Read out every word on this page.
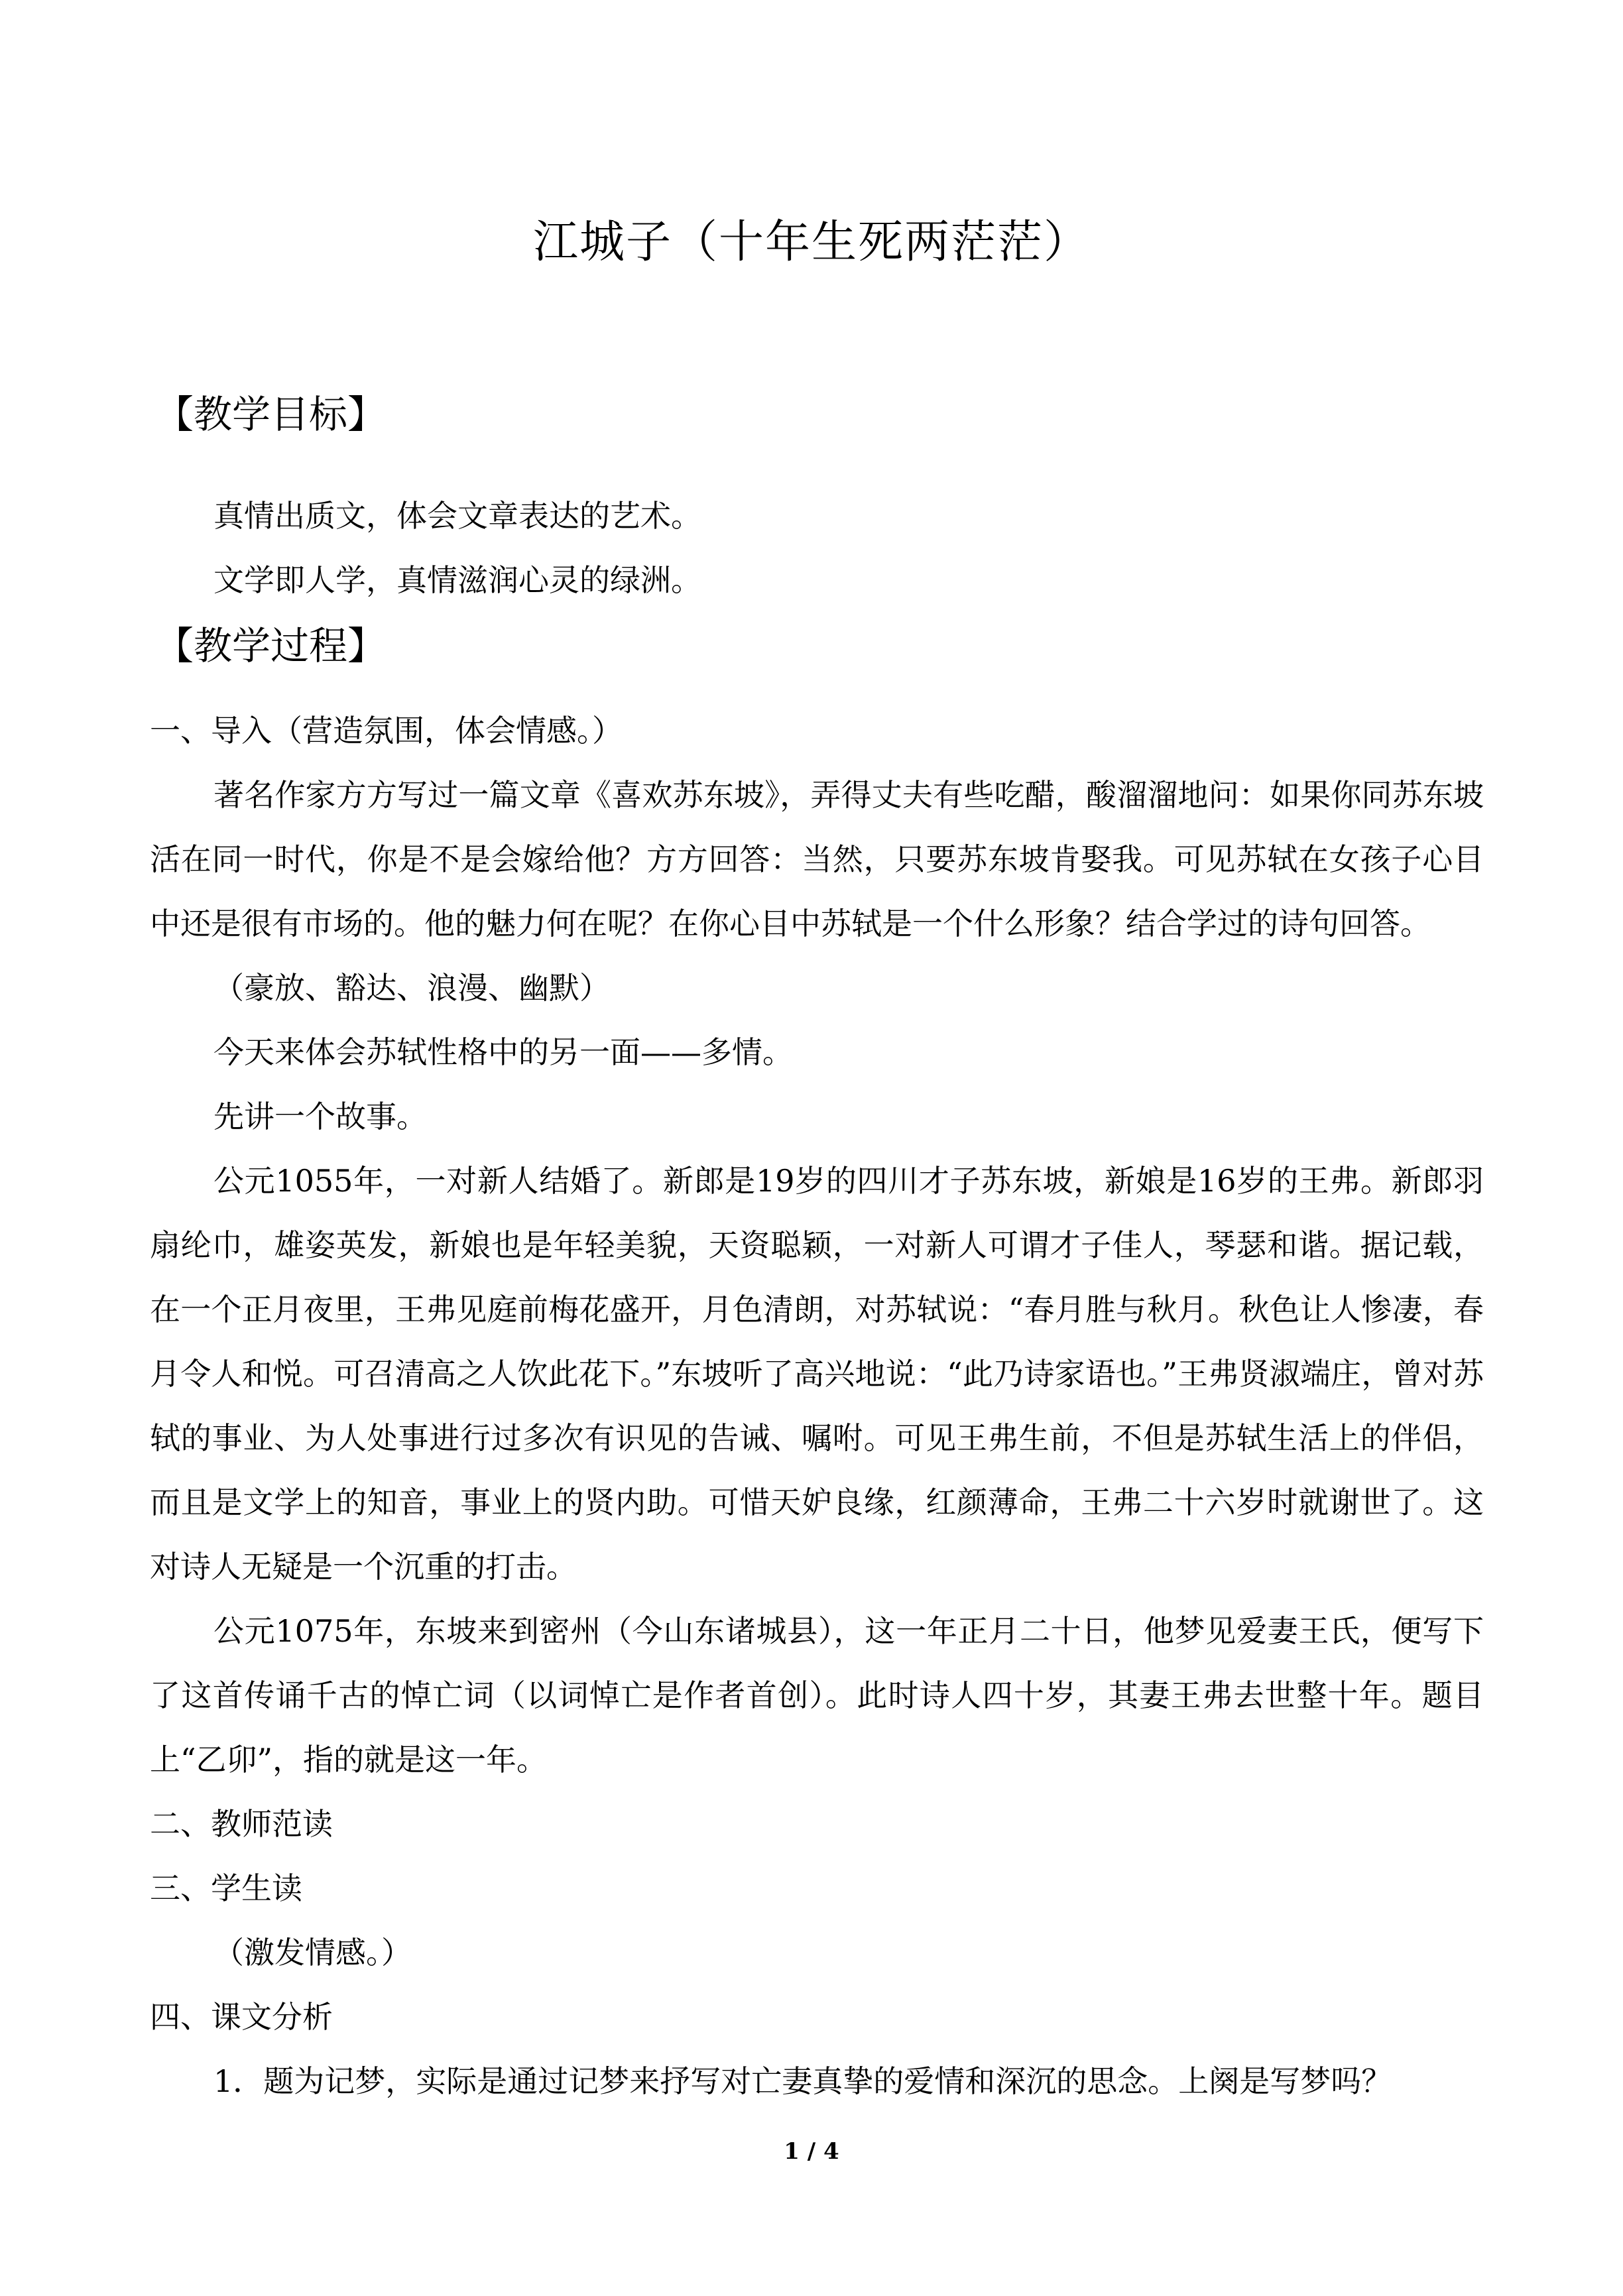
江城子（十年生死两茫茫）
【教学目标】

真情出质文，体会文章表达的艺术。

文学即人学，真情滋润心灵的绿洲。

【教学过程】

一、导入（营造氛围，体会情感。）

著名作家方方写过一篇文章《喜欢苏东坡》，弄得丈夫有些吃醋，酸溜溜地问：如果你同苏东坡活在同一时代，你是不是会嫁给他？方方回答：当然，只要苏东坡肯娶我。可见苏轼在女孩子心目中还是很有市场的。他的魅力何在呢？在你心目中苏轼是一个什么形象？结合学过的诗句回答。

（豪放、豁达、浪漫、幽默）

今天来体会苏轼性格中的另一面——多情。

先讲一个故事。

公元1055年，一对新人结婚了。新郎是19岁的四川才子苏东坡，新娘是16岁的王弗。新郎羽扇纶巾，雄姿英发，新娘也是年轻美貌，天资聪颖，一对新人可谓才子佳人，琴瑟和谐。据记载，在一个正月夜里，王弗见庭前梅花盛开，月色清朗，对苏轼说：“春月胜与秋月。秋色让人惨凄，春月令人和悦。可召清高之人饮此花下。”东坡听了高兴地说：“此乃诗家语也。”王弗贤淑端庄，曾对苏轼的事业、为人处事进行过多次有识见的告诫、嘱咐。可见王弗生前，不但是苏轼生活上的伴侣，而且是文学上的知音，事业上的贤内助。可惜天妒良缘，红颜薄命，王弗二十六岁时就谢世了。这对诗人无疑是一个沉重的打击。

公元1075年，东坡来到密州（今山东诸城县），这一年正月二十日，他梦见爱妻王氏，便写下了这首传诵千古的悼亡词（以词悼亡是作者首创）。此时诗人四十岁，其妻王弗去世整十年。题目上“乙卯”，指的就是这一年。

二、教师范读

三、学生读

（激发情感。）

四、课文分析

1．题为记梦，实际是通过记梦来抒写对亡妻真挚的爱情和深沉的思念。上阕是写梦吗？

1 / 4
